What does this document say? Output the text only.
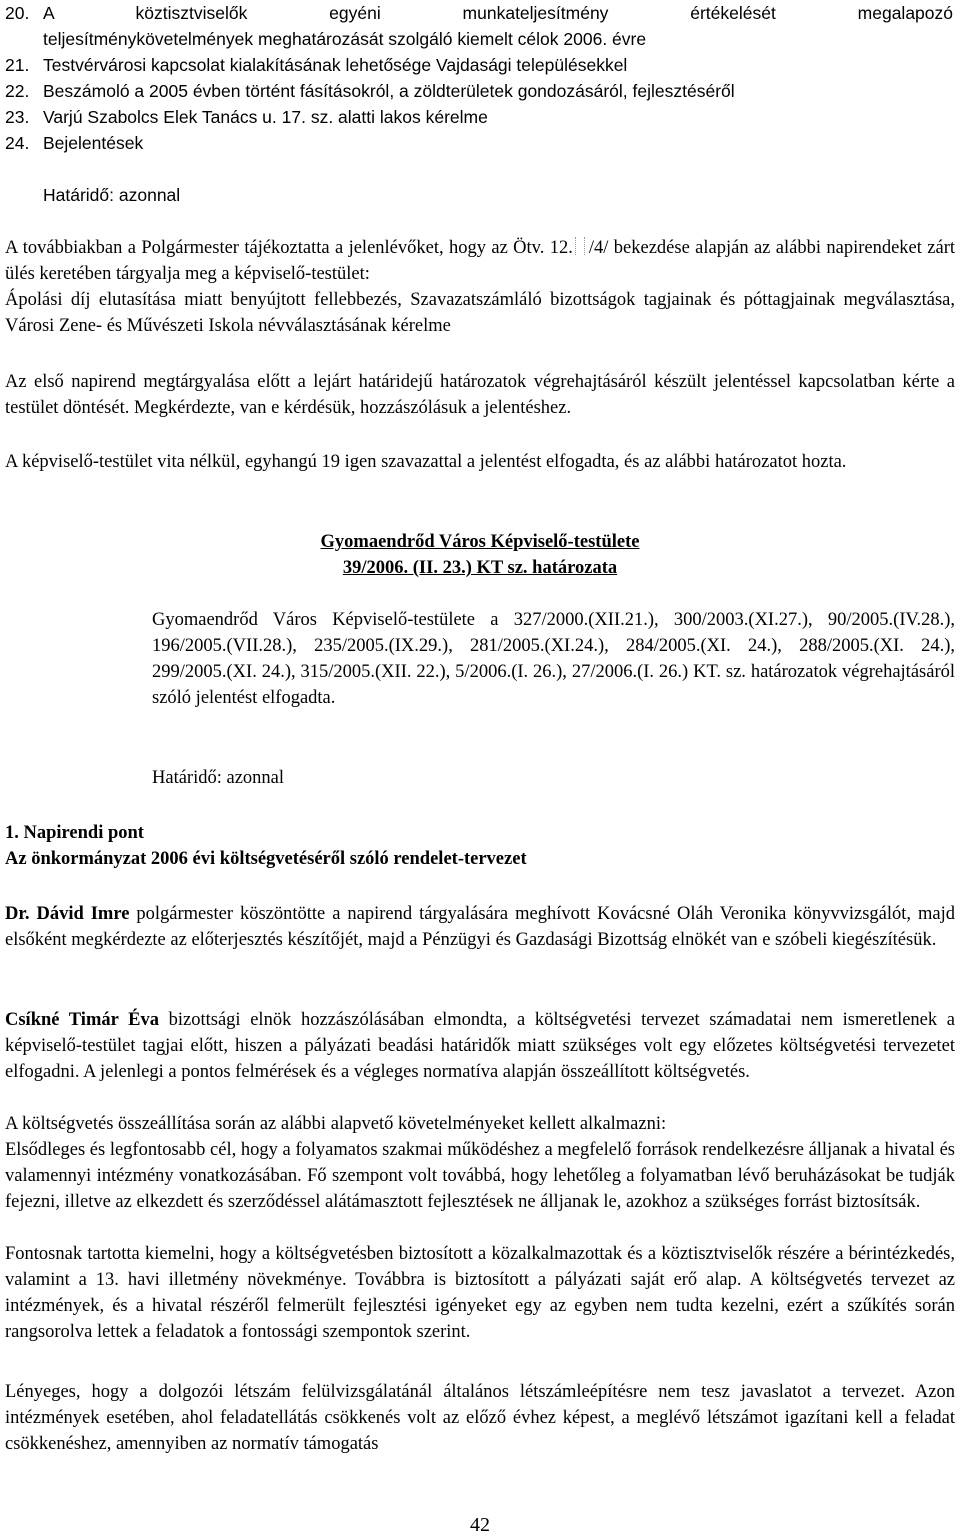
20. A köztisztviselők egyéni munkateljesítmény értékelését megalapozó
teljesítménykövetelmények meghatározását szolgáló kiemelt célok 2006. évre
21. Testvérvárosi kapcsolat kialakításának lehetősége Vajdasági településekkel
22. Beszámoló a 2005 évben történt fásításokról, a zöldterületek gondozásáról, fejlesztéséről
23. Varjú Szabolcs Elek Tanács u. 17. sz. alatti lakos kérelme
24. Bejelentések
Határidő: azonnal
A továbbiakban a Polgármester tájékoztatta a jelenlévőket, hogy az Ötv. 12. /4/ bekezdése alapján az alábbi napirendeket zárt ülés keretében tárgyalja meg a képviselő-testület:
Ápolási díj elutasítása miatt benyújtott fellebbezés, Szavazatszámláló bizottságok tagjainak és póttagjainak megválasztása, Városi Zene- és Művészeti Iskola névválasztásának kérelme
Az első napirend megtárgyalása előtt a lejárt határidejű határozatok végrehajtásáról készült jelentéssel kapcsolatban kérte a testület döntését. Megkérdezte, van e kérdésük, hozzászólásuk a jelentéshez.
A képviselő-testület vita nélkül, egyhangú 19 igen szavazattal a jelentést elfogadta, és az alábbi határozatot hozta.
Gyomaendrőd Város Képviselő-testülete
39/2006. (II. 23.) KT sz. határozata
Gyomaendrőd Város Képviselő-testülete a 327/2000.(XII.21.), 300/2003.(XI.27.), 90/2005.(IV.28.), 196/2005.(VII.28.), 235/2005.(IX.29.), 281/2005.(XI.24.), 284/2005.(XI. 24.), 288/2005.(XI. 24.), 299/2005.(XI. 24.), 315/2005.(XII. 22.), 5/2006.(I. 26.), 27/2006.(I. 26.) KT. sz. határozatok végrehajtásáról szóló jelentést elfogadta.
Határidő: azonnal
1. Napirendi pont
Az önkormányzat 2006 évi költségvetéséről szóló rendelet-tervezet
Dr. Dávid Imre polgármester köszöntötte a napirend tárgyalására meghívott Kovácsné Oláh Veronika könyvvizsgálót, majd elsőként megkérdezte az előterjesztés készítőjét, majd a Pénzügyi és Gazdasági Bizottság elnökét van e szóbeli kiegészítésük.
Csíkné Timár Éva bizottsági elnök hozzászólásában elmondta, a költségvetési tervezet számadatai nem ismeretlenek a képviselő-testület tagjai előtt, hiszen a pályázati beadási határidők miatt szükséges volt egy előzetes költségvetési tervezetet elfogadni. A jelenlegi a pontos felmérések és a végleges normatíva alapján összeállított költségvetés.
A költségvetés összeállítása során az alábbi alapvető követelményeket kellett alkalmazni:
Elsődleges és legfontosabb cél, hogy a folyamatos szakmai működéshez a megfelelő források rendelkezésre álljanak a hivatal és valamennyi intézmény vonatkozásában. Fő szempont volt továbbá, hogy lehetőleg a folyamatban lévő beruházásokat be tudják fejezni, illetve az elkezdett és szerződéssel alátámasztott fejlesztések ne álljanak le, azokhoz a szükséges forrást biztosítsák.
Fontosnak tartotta kiemelni, hogy a költségvetésben biztosított a közalkalmazottak és a köztisztviselők részére a bérintézkedés, valamint a 13. havi illetmény növekménye. Továbbra is biztosított a pályázati saját erő alap. A költségvetés tervezet az intézmények, és a hivatal részéről felmerült fejlesztési igényeket egy az egyben nem tudta kezelni, ezért a szűkítés során rangsorolva lettek a feladatok a fontossági szempontok szerint.
Lényeges, hogy a dolgozói létszám felülvizsgálatánál általános létszámleépítésre nem tesz javaslatot a tervezet. Azon intézmények esetében, ahol feladatellátás csökkenés volt az előző évhez képest, a meglévő létszámot igazítani kell a feladat csökkenéshez, amennyiben az normatív támogatás
42
